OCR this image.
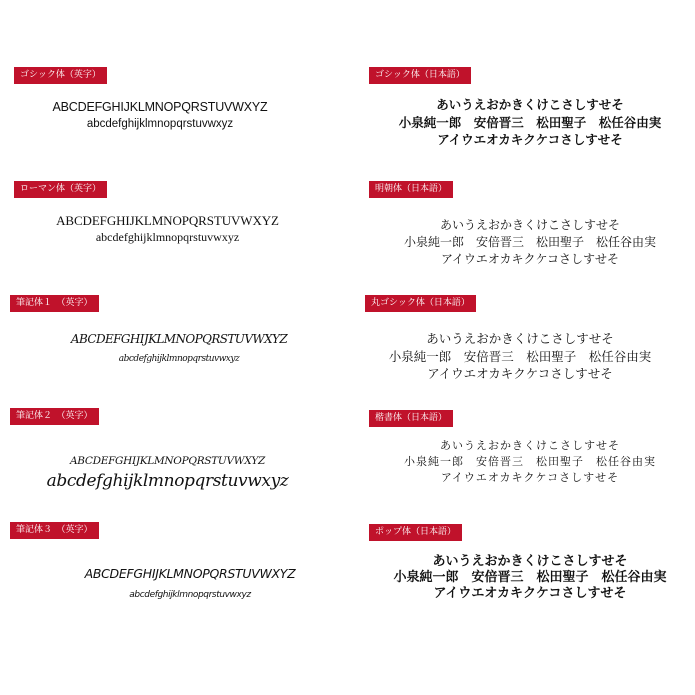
ゴシック体（英字）
ABCDEFGHIJKLMNOPQRSTUVWXYZ
abcdefghijklmnopqrstuvwxyz
ローマン体（英字）
ABCDEFGHIJKLMNOPQRSTUVWXYZ
abcdefghijklmnopqrstuvwxyz
筆記体１　（英字）
ABCDEFGHIJKLMNOPQRSTUVWXYZ
abcdefghijklmnopqrstuvwxyz
筆記体２　（英字）
ABCDEFGHIJKLMNOPQRSTUVWXYZ
abcdefghijklmnopqrstuvwxyz
筆記体３　（英字）
ABCDEFGHIJKLMNOPQRSTUVWXYZ
abcdefghijklmnopqrstuvwxyz
ゴシック体（日本語）
あいうえおかきくけこさしすせそ
小泉純一郎　安倍晋三　松田聖子　松任谷由実
アイウエオカキクケコさしすせそ
明朝体（日本語）
あいうえおかきくけこさしすせそ
小泉純一郎　安倍晋三　松田聖子　松任谷由実
アイウエオカキクケコさしすせそ
丸ゴシック体（日本語）
あいうえおかきくけこさしすせそ
小泉純一郎　安倍晋三　松田聖子　松任谷由実
アイウエオカキクケコさしすせそ
楷書体（日本語）
あいうえおかきくけこさしすせそ
小泉純一郎　安倍晋三　松田聖子　松任谷由実
アイウエオカキクケコさしすせそ
ポップ体（日本語）
あいうえおかきくけこさしすせそ
小泉純一郎　安倍晋三　松田聖子　松任谷由実
アイウエオカキクケコさしすせそ
